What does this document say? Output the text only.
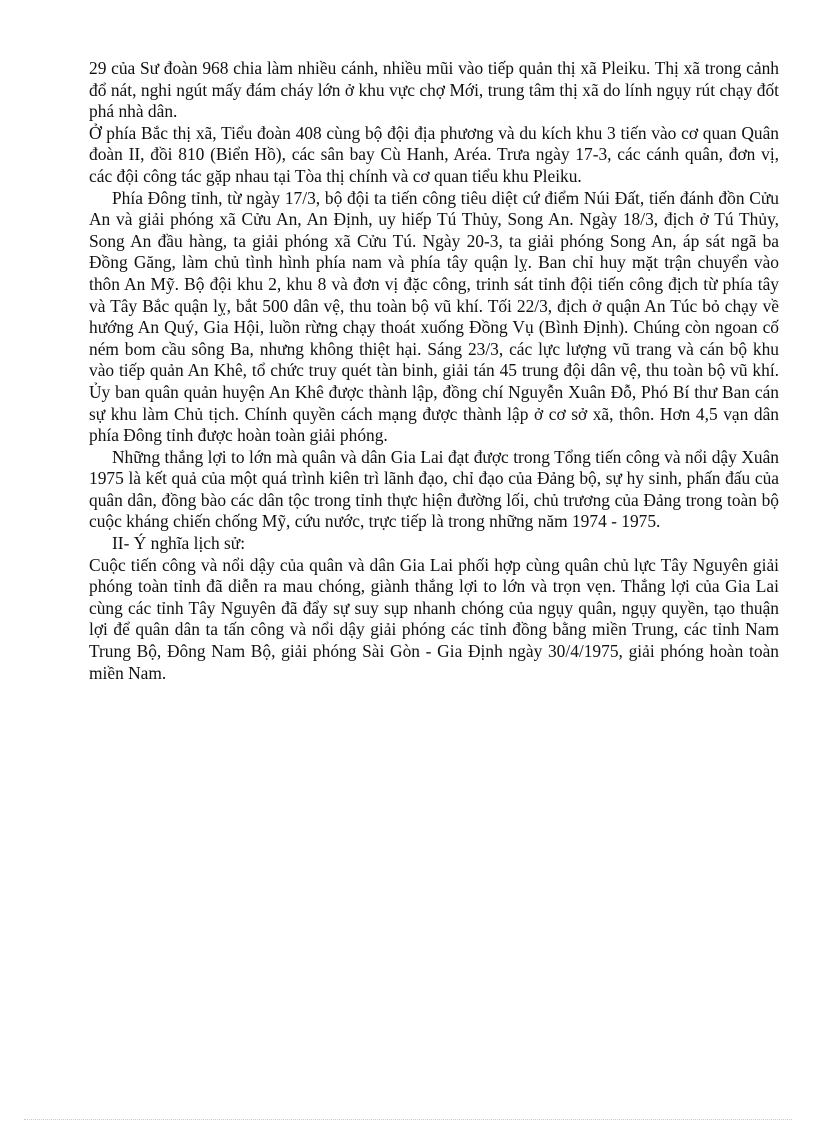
29 của Sư đoàn 968 chia làm nhiều cánh, nhiều mũi vào tiếp quản thị xã Pleiku. Thị xã trong cảnh đổ nát, nghi ngút mấy đám cháy lớn ở khu vực chợ Mới, trung tâm thị xã do lính ngụy rút chạy đốt phá nhà dân.

Ở phía Bắc thị xã, Tiểu đoàn 408 cùng bộ đội địa phương và du kích khu 3 tiến vào cơ quan Quân đoàn II, đồi 810 (Biển Hồ), các sân bay Cù Hanh, Aréa. Trưa ngày 17-3, các cánh quân, đơn vị, các đội công tác gặp nhau tại Tòa thị chính và cơ quan tiểu khu Pleiku.

Phía Đông tỉnh, từ ngày 17/3, bộ đội ta tiến công tiêu diệt cứ điểm Núi Đất, tiến đánh đồn Cửu An và giải phóng xã Cửu An, An Định, uy hiếp Tú Thủy, Song An. Ngày 18/3, địch ở Tú Thủy, Song An đầu hàng, ta giải phóng xã Cửu Tú. Ngày 20-3, ta giải phóng Song An, áp sát ngã ba Đồng Găng, làm chủ tình hình phía nam và phía tây quận lỵ. Ban chỉ huy mặt trận chuyển vào thôn An Mỹ. Bộ đội khu 2, khu 8 và đơn vị đặc công, trinh sát tỉnh đội tiến công địch từ phía tây và Tây Bắc quận lỵ, bắt 500 dân vệ, thu toàn bộ vũ khí. Tối 22/3, địch ở quận An Túc bỏ chạy về hướng An Quý, Gia Hội, luồn rừng chạy thoát xuống Đồng Vụ (Bình Định). Chúng còn ngoan cố ném bom cầu sông Ba, nhưng không thiệt hại. Sáng 23/3, các lực lượng vũ trang và cán bộ khu vào tiếp quản An Khê, tổ chức truy quét tàn binh, giải tán 45 trung đội dân vệ, thu toàn bộ vũ khí. Ủy ban quân quản huyện An Khê được thành lập, đồng chí Nguyễn Xuân Đỗ, Phó Bí thư Ban cán sự khu làm Chủ tịch. Chính quyền cách mạng được thành lập ở cơ sở xã, thôn. Hơn 4,5 vạn dân phía Đông tỉnh được hoàn toàn giải phóng.

Những thắng lợi to lớn mà quân và dân Gia Lai đạt được trong Tổng tiến công và nổi dậy Xuân 1975 là kết quả của một quá trình kiên trì lãnh đạo, chỉ đạo của Đảng bộ, sự hy sinh, phấn đấu của quân dân, đồng bào các dân tộc trong tỉnh thực hiện đường lối, chủ trương của Đảng trong toàn bộ cuộc kháng chiến chống Mỹ, cứu nước, trực tiếp là trong những năm 1974 - 1975.

II- Ý nghĩa lịch sử:

Cuộc tiến công và nổi dậy của quân và dân Gia Lai phối hợp cùng quân chủ lực Tây Nguyên giải phóng toàn tỉnh đã diễn ra mau chóng, giành thắng lợi to lớn và trọn vẹn. Thắng lợi của Gia Lai cùng các tỉnh Tây Nguyên đã đẩy sự suy sụp nhanh chóng của ngụy quân, ngụy quyền, tạo thuận lợi để quân dân ta tấn công và nổi dậy giải phóng các tỉnh đồng bằng miền Trung, các tỉnh Nam Trung Bộ, Đông Nam Bộ, giải phóng Sài Gòn - Gia Định ngày 30/4/1975, giải phóng hoàn toàn miền Nam.
